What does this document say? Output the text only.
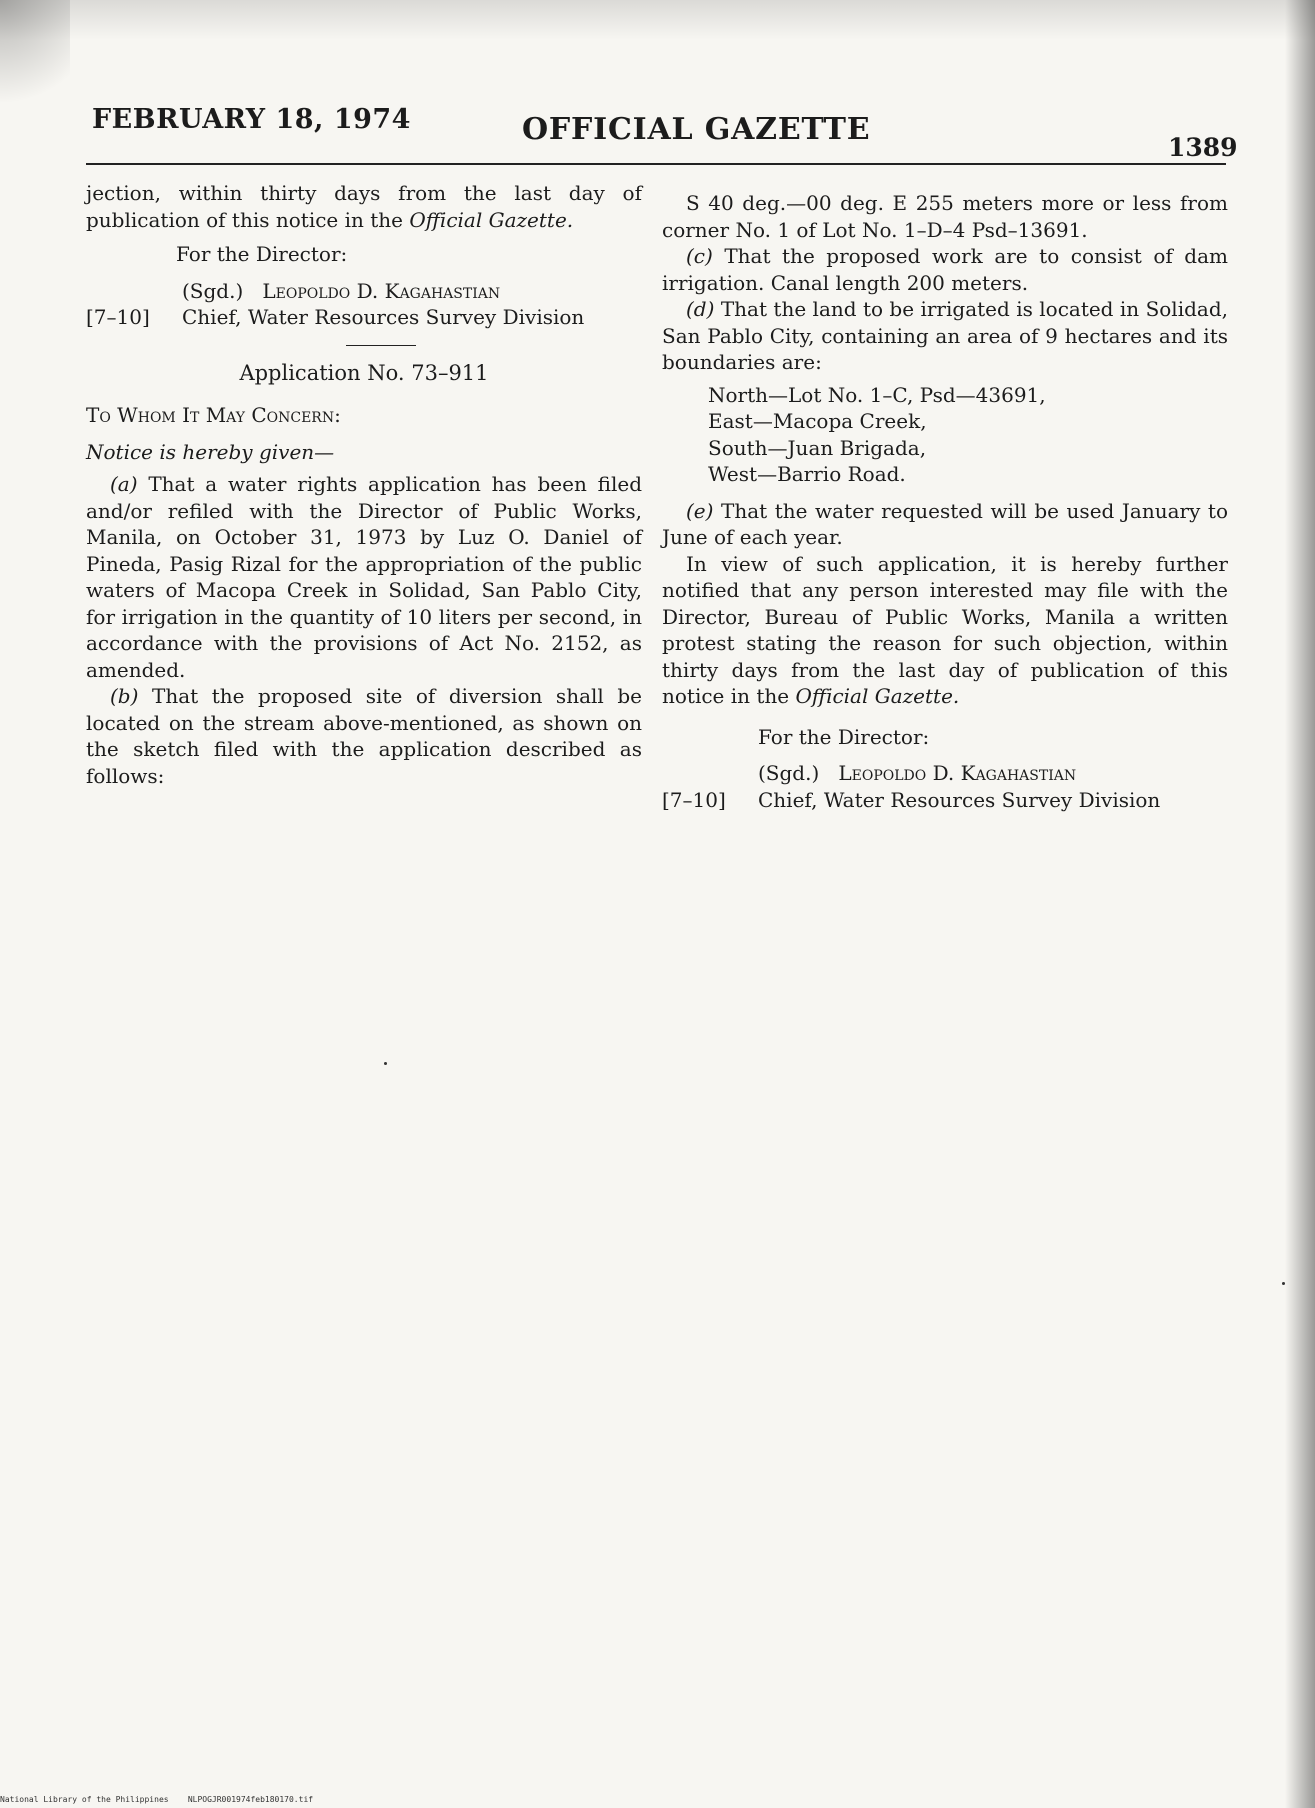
FEBRUARY 18, 1974	OFFICIAL GAZETTE
1389

jection, within thirty days from the last day of

publication of this notice in the Official Gazette.

For the Director:
(Sgd.) Leopoldo D. Kagahastian
[7–10]	Chief, Water Resources Survey Division
Application No. 73–911
To Whom It May Concern:
Notice is hereby given—

(a) That a water rights application has been filed and/or refiled with the Director of Public Works, Manila, on October 31, 1973 by Luz O. Daniel of Pineda, Pasig Rizal for the appropriation of the public waters of Macopa Creek in Solidad, San Pablo City, for irrigation in the quantity of 10 liters per second, in accordance with the provisions of Act No. 2152, as amended.

(b) That the proposed site of diversion shall be located on the stream above-mentioned, as shown on the sketch filed with the application described as follows:

S 40 deg.—00 deg. E 255 meters more or less from corner No. 1 of Lot No. 1–D–4 Psd–13691.

(c) That the proposed work are to consist of dam irrigation. Canal length 200 meters.

(d) That the land to be irrigated is located in Solidad, San Pablo City, containing an area of 9 hectares and its boundaries are:

North—Lot No. 1–C, Psd—43691,
East—Macopa Creek,
South—Juan Brigada,
West—Barrio Road.

(e) That the water requested will be used January to June of each year.

In view of such application, it is hereby further notified that any person interested may file with the Director, Bureau of Public Works, Manila a written protest stating the reason for such objection, within thirty days from the last day of publication of this notice in the Official Gazette.

For the Director:
(Sgd.) Leopoldo D. Kagahastian
[7–10]	Chief, Water Resources Survey Division
National Library of the Philippines NLPOGJR001974feb180170.tif
